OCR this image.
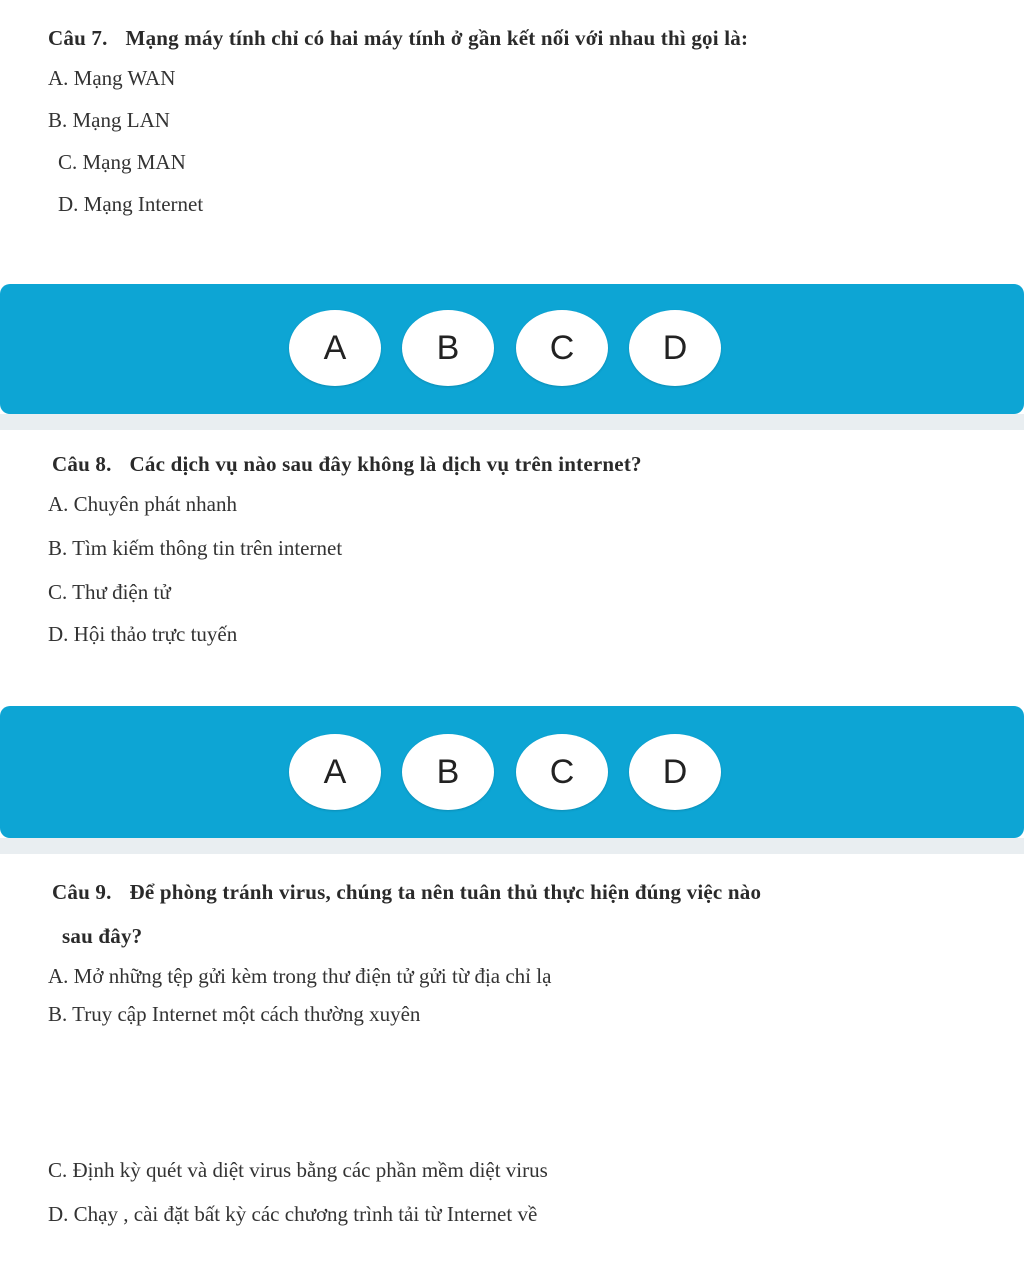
Câu 7. Mạng máy tính chỉ có hai máy tính ở gần kết nối với nhau thì gọi là:
A. Mạng WAN
B. Mạng LAN
C. Mạng MAN
D. Mạng Internet
A	B	C	D
Câu 8. Các dịch vụ nào sau đây không là dịch vụ trên internet?
A. Chuyên phát nhanh
B. Tìm kiếm thông tin trên internet
C. Thư điện tử
D. Hội thảo trực tuyến
A	B	C	D
Câu 9. Để phòng tránh virus, chúng ta nên tuân thủ thực hiện đúng việc nào
sau đây?
A. Mở những tệp gửi kèm trong thư điện tử gửi từ địa chỉ lạ
B. Truy cập Internet một cách thường xuyên
C. Định kỳ quét và diệt virus bằng các phần mềm diệt virus
D. Chạy , cài đặt bất kỳ các chương trình tải từ Internet về
